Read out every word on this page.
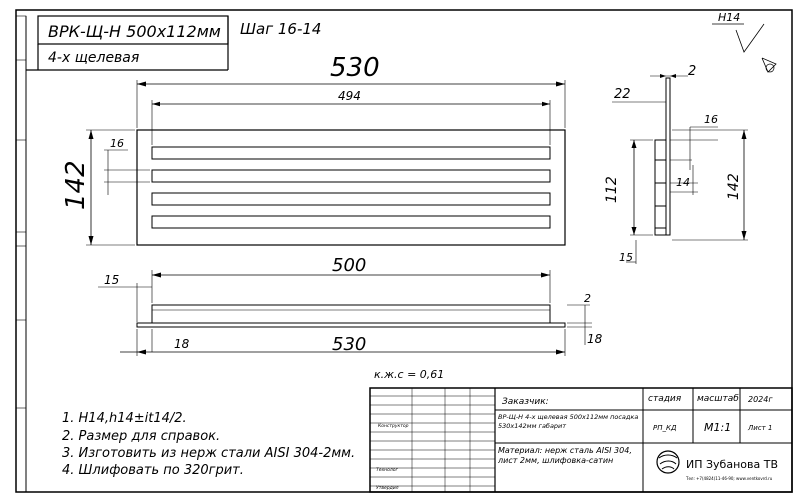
ВРК-Щ-Н 500х112мм Шаг 16-14
4-х щелевая	530
494
142
16
H14
2
22
16
14
112	142
15
500
15
530
18
2
18
к.ж.с = 0,61
1. H14,h14±it14/2.
2. Размер для справок.
3. Изготовить из нерж стали AISI 304-2мм.
4. Шлифовать по 320грит.
Конструктор
Технолог
Утвердил
Заказчик:	стадия масштаб 2024г
ВР-Щ-Н 4-х щелевая 500х112мм посадка 530х142мм габарит	РП_КД	М1:1 Лист 1
Материал: нерж сталь AISI 304, лист 2мм, шлифовка-сатин	ИП Зубанова ТВ
Тел: +7(4824)11-46-90; www.ventkovrd.ru
